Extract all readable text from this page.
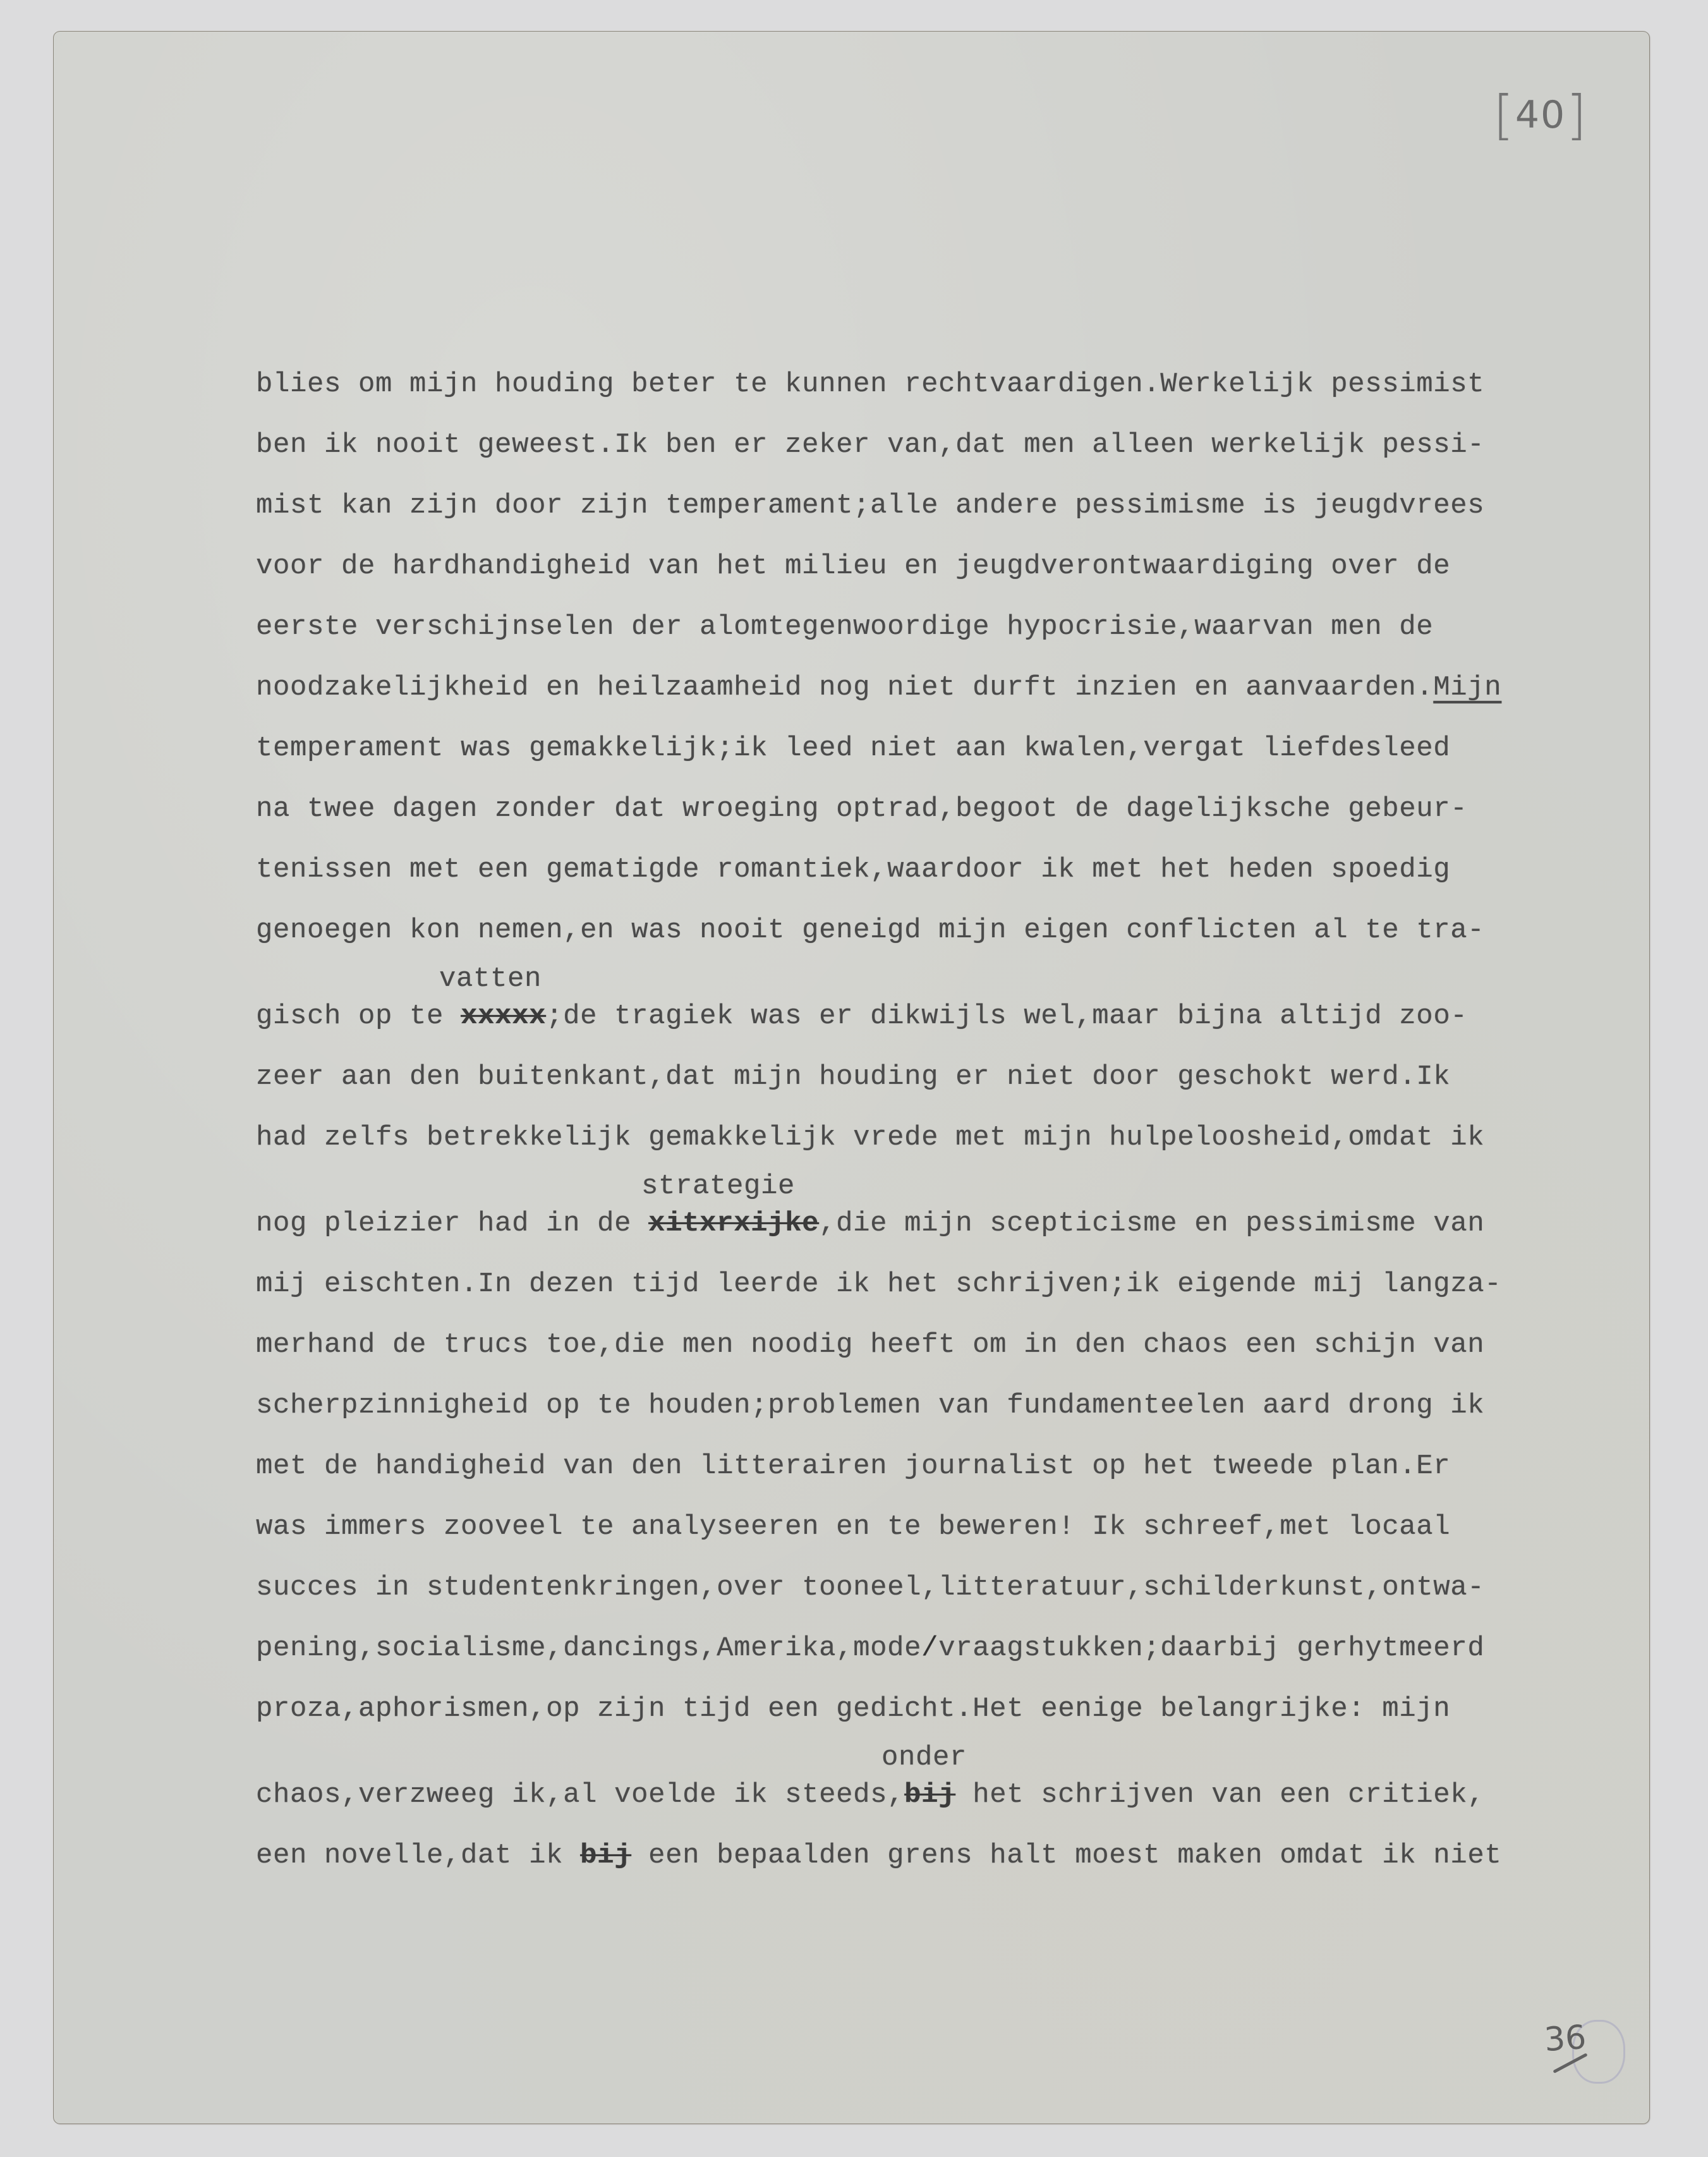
[ 40 ]
blies om mijn houding beter te kunnen rechtvaardigen.Werkelijk pessimist
ben ik nooit geweest.Ik ben er zeker van,dat men alleen werkelijk pessi-
mist kan zijn door zijn temperament;alle andere pessimisme is jeugdvrees
voor de hardhandigheid van het milieu en jeugdverontwaardiging over de
eerste verschijnselen der alomtegenwoordige hypocrisie,waarvan men de
noodzakelijkheid en heilzaamheid nog niet durft inzien en aanvaarden.Mijn
temperament was gemakkelijk;ik leed niet aan kwalen,vergat liefdesleed
na twee dagen zonder dat wroeging optrad,begoot de dagelijksche gebeur-
tenissen met een gematigde romantiek,waardoor ik met het heden spoedig
genoegen kon nemen,en was nooit geneigd mijn eigen conflicten al te tra-
gisch op te
vatten
xxxxx;de tragiek was er dikwijls wel,maar bijna altijd zoo-
zeer aan den buitenkant,dat mijn houding er niet door geschokt werd.Ik
had zelfs betrekkelijk gemakkelijk vrede met mijn hulpeloosheid,omdat ik
nog pleizier had in de
strategie
xitxrxijke,die mijn scepticisme en pessimisme van
mij eischten.In dezen tijd leerde ik het schrijven;ik eigende mij langza-
merhand de trucs toe,die men noodig heeft om in den chaos een schijn van
scherpzinnigheid op te houden;problemen van fundamenteelen aard drong ik
met de handigheid van den litterairen journalist op het tweede plan.Er
was immers zooveel te analyseeren en te beweren! Ik schreef,met locaal
succes in studentenkringen,over tooneel,litteratuur,schilderkunst,ontwa-
pening,socialisme,dancings,Amerika,mode/vraagstukken;daarbij gerhytmeerd
proza,aphorismen,op zijn tijd een gedicht.Het eenige belangrijke: mijn
chaos,verzweeg ik,al voelde ik steeds,
onder
bij het schrijven van een critiek,
een novelle,dat ik bij een bepaalden grens halt moest maken omdat ik niet
36
